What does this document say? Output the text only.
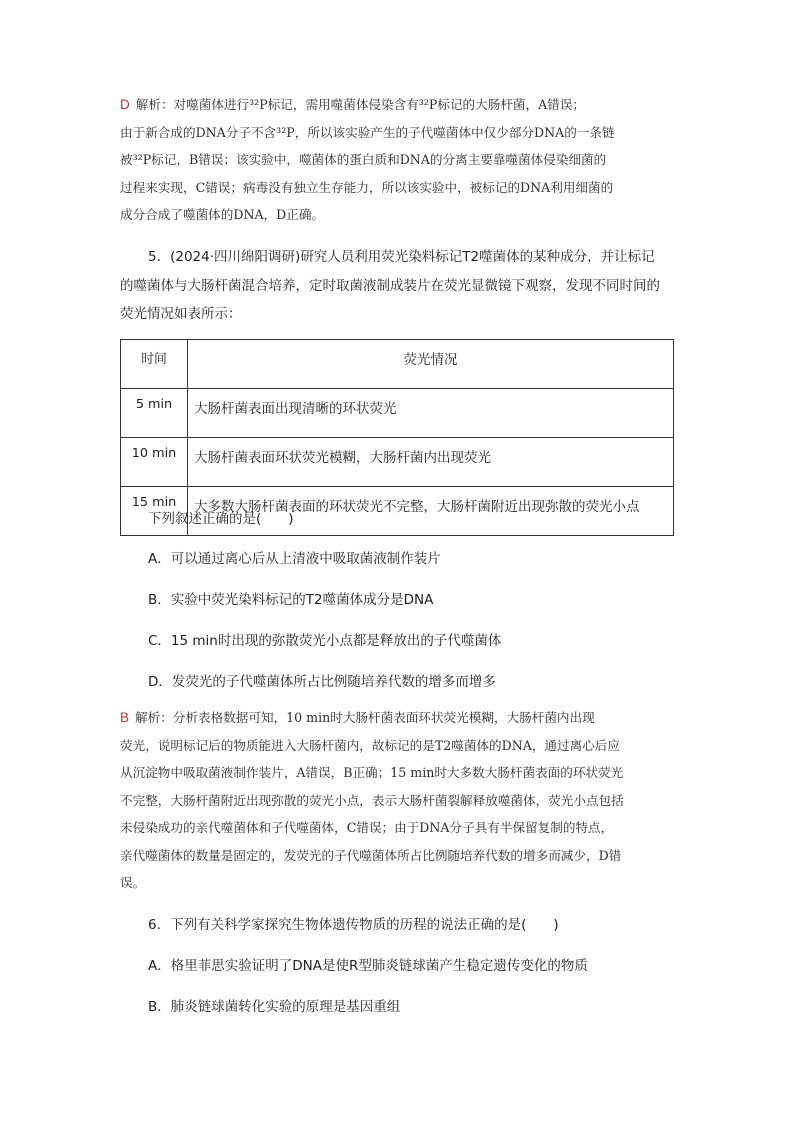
D 解析：对噬菌体进行³²P标记，需用噬菌体侵染含有³²P标记的大肠杆菌，A错误；

由于新合成的DNA分子不含³²P，所以该实验产生的子代噬菌体中仅少部分DNA的一条链

被³²P标记，B错误；该实验中，噬菌体的蛋白质和DNA的分离主要靠噬菌体侵染细菌的

过程来实现，C错误；病毒没有独立生存能力，所以该实验中，被标记的DNA利用细菌的

成分合成了噬菌体的DNA，D正确。

5．(2024·四川绵阳调研)研究人员利用荧光染料标记T2噬菌体的某种成分，并让标记

的噬菌体与大肠杆菌混合培养，定时取菌液制成装片在荧光显微镜下观察，发现不同时间的

荧光情况如表所示：

时间	荧光情况
5 min	大肠杆菌表面出现清晰的环状荧光
10 min	大肠杆菌表面环状荧光模糊，大肠杆菌内出现荧光
15 min	大多数大肠杆菌表面的环状荧光不完整，大肠杆菌附近出现弥散的荧光小点
下列叙述正确的是(　　)
A．可以通过离心后从上清液中吸取菌液制作装片
B．实验中荧光染料标记的T2噬菌体成分是DNA
C．15 min时出现的弥散荧光小点都是释放出的子代噬菌体
D．发荧光的子代噬菌体所占比例随培养代数的增多而增多

B 解析：分析表格数据可知，10 min时大肠杆菌表面环状荧光模糊，大肠杆菌内出现

荧光，说明标记后的物质能进入大肠杆菌内，故标记的是T2噬菌体的DNA，通过离心后应

从沉淀物中吸取菌液制作装片，A错误，B正确；15 min时大多数大肠杆菌表面的环状荧光

不完整，大肠杆菌附近出现弥散的荧光小点，表示大肠杆菌裂解释放噬菌体，荧光小点包括

未侵染成功的亲代噬菌体和子代噬菌体，C错误；由于DNA分子具有半保留复制的特点，

亲代噬菌体的数量是固定的，发荧光的子代噬菌体所占比例随培养代数的增多而减少，D错

误。

6．下列有关科学家探究生物体遗传物质的历程的说法正确的是(　　)
A．格里菲思实验证明了DNA是使R型肺炎链球菌产生稳定遗传变化的物质
B．肺炎链球菌转化实验的原理是基因重组
